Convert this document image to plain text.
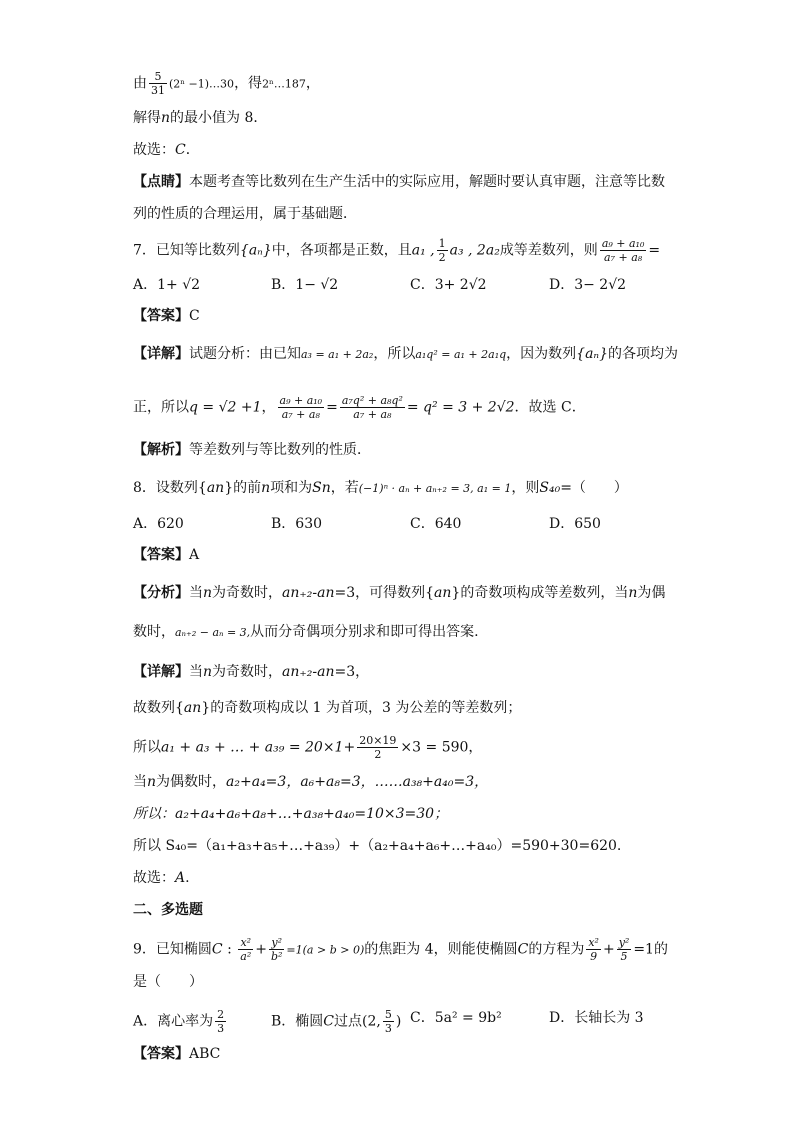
由 $\frac{5}{31} (2^n$ −1)…30，得2ⁿ…187，
解得n的最小值为 8．
故选：C．
【点睛】本题考查等比数列在生产生活中的实际应用，解题时要认真审题，注意等比数
列的性质的合理运用，属于基础题．
7．已知等比数列{aₙ}中，各项都是正数，且a₁ , $\frac{1}{2} a_3$ , 2a₂成等差数列，则 $\frac{\text{a₉ + a₁₀}}{\text{a₇ + a₈}}$ =
A．1+ √2	B．1− √2	C．3+ 2√2	D．3− 2√2
【答案】C
【详解】试题分析：由已知a₃ = a₁ + 2a₂，所以a₁q² = a₁ + 2a₁q，因为数列{aₙ}的各项均为
正，所以q = √2 +1， $\frac{\text{a₉ + a₁₀}}{\text{a₇ + a₈}} = \frac{\text{a₇q² + a₈q²}}{\text{a₇ + a₈}} = q^2 = 3 + 2√2$．故选 C．
【解析】等差数列与等比数列的性质．
8．设数列{an}的前n项和为Sn，若(−1)ⁿ · aₙ + aₙ₊₂ = 3, a₁ = 1，则S₄₀=（　　）
A．620	B．630	C．640	D．650
【答案】A
【分析】当n为奇数时，an₊₂-an=3，可得数列{an}的奇数项构成等差数列，当n为偶
数时，aₙ₊₂ − aₙ = 3,从而分奇偶项分别求和即可得出答案.
【详解】当n为奇数时，an₊₂-an=3，
故数列{an}的奇数项构成以 1 为首项，3 为公差的等差数列；
所以a₁ + a₃ + … + $a_{39} = 20\times 1+ \frac{20\times 19}{2} \times 3 = 590$，
当n为偶数时，a₂+a₄=3，a₆+a₈=3，……a₃₈+a₄₀=3，
所以：a₂+a₄+a₆+a₈+…+a₃₈+a₄₀=10×3=30；
所以 S₄₀=（a₁+a₃+a₅+…+a₃₉）+（a₂+a₄+a₆+…+a₄₀）=590+30=620.
故选：A.
二、多选题
9．已知椭圆C : $\frac{\text{x²}}{\text{a²}} + \frac{\text{y²}}{\text{b²}} =1(a > b > 0)$的焦距为 4，则能使椭圆C的方程为 $\frac{\text{x²}}{9} + \frac{\text{y²}}{5} =1$的
是（　　）
A．离心率为 $\frac{2}{3}$	B．椭圆C过点(2, $\frac{5}{3}$ ) C．5a² = 9b²	D．长轴长为 3
【答案】ABC
